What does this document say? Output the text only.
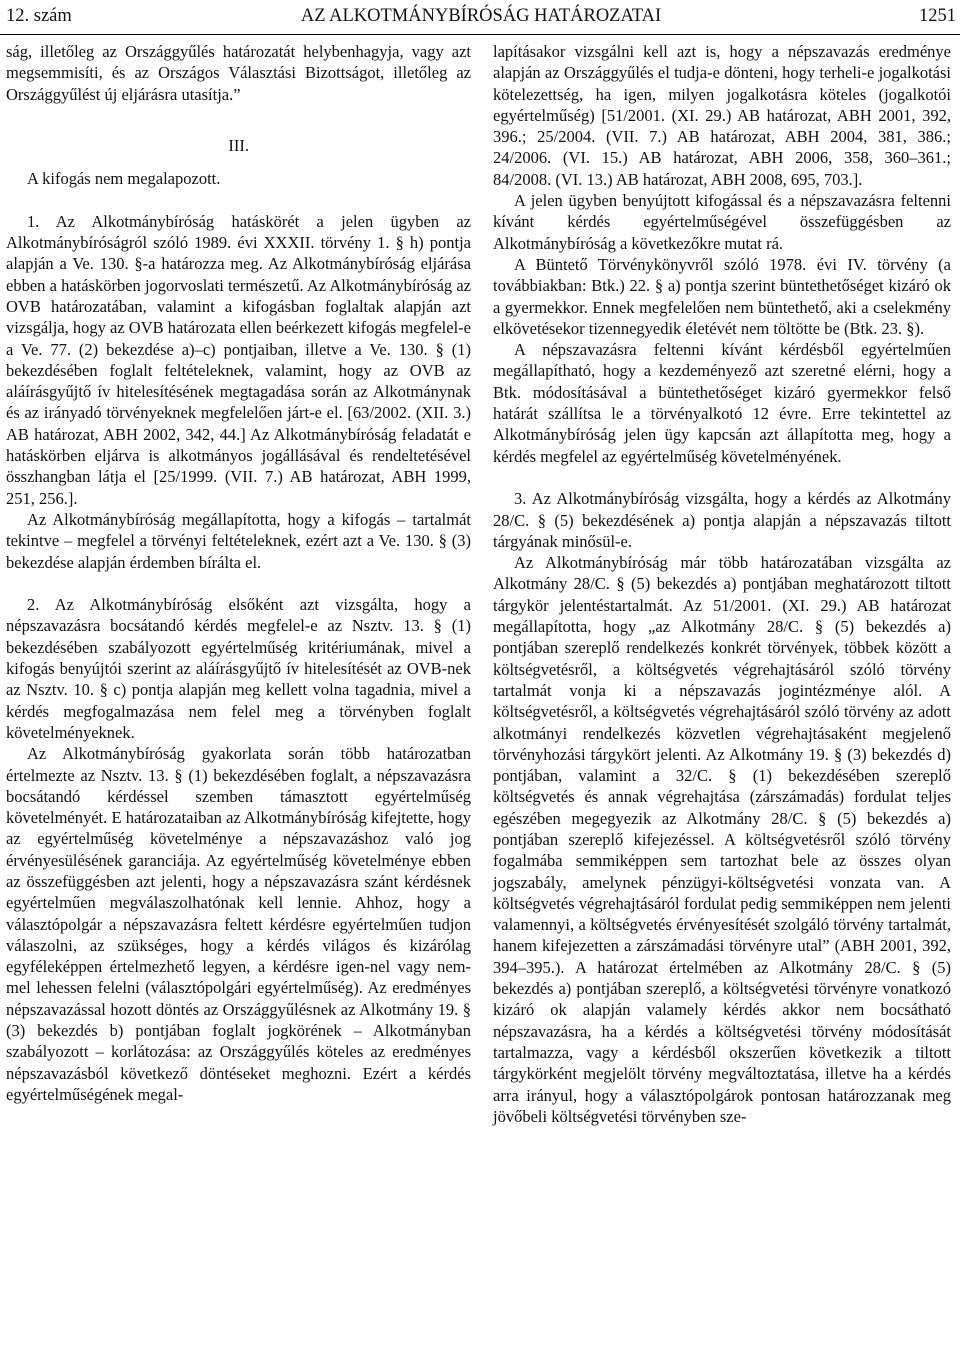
12. szám	AZ ALKOTMÁNYBÍRÓSÁG HATÁROZATAI	1251

ság, illetőleg az Országgyűlés határozatát helybenhagyja, vagy azt megsemmisíti, és az Országos Választási Bizottságot, illetőleg az Országgyűlést új eljárásra utasítja.”

III.

A kifogás nem megalapozott.

1. Az Alkotmánybíróság hatáskörét a jelen ügyben az Alkotmánybíróságról szóló 1989. évi XXXII. törvény 1. § h) pontja alapján a Ve. 130. §-a határozza meg. Az Alkotmánybíróság eljárása ebben a hatáskörben jogorvoslati természetű. Az Alkotmánybíróság az OVB határozatában, valamint a kifogásban foglaltak alapján azt vizsgálja, hogy az OVB határozata ellen beérkezett kifogás megfelel-e a Ve. 77. (2) bekezdése a)–c) pontjaiban, illetve a Ve. 130. § (1) bekezdésében foglalt feltételeknek, valamint, hogy az OVB az aláírásgyűjtő ív hitelesítésének megtagadása során az Alkotmánynak és az irányadó törvényeknek megfelelően járt-e el. [63/2002. (XII. 3.) AB határozat, ABH 2002, 342, 44.] Az Alkotmánybíróság feladatát e hatáskörben eljárva is alkotmányos jogállásával és rendeltetésével összhangban látja el [25/1999. (VII. 7.) AB határozat, ABH 1999, 251, 256.].

Az Alkotmánybíróság megállapította, hogy a kifogás – tartalmát tekintve – megfelel a törvényi feltételeknek, ezért azt a Ve. 130. § (3) bekezdése alapján érdemben bírálta el.

2. Az Alkotmánybíróság elsőként azt vizsgálta, hogy a népszavazásra bocsátandó kérdés megfelel-e az Nsztv. 13. § (1) bekezdésében szabályozott egyértelműség kritériumának, mivel a kifogás benyújtói szerint az aláírásgyűjtő ív hitelesítését az OVB-nek az Nsztv. 10. § c) pontja alapján meg kellett volna tagadnia, mivel a kérdés megfogalmazása nem felel meg a törvényben foglalt követelményeknek.

Az Alkotmánybíróság gyakorlata során több határozatban értelmezte az Nsztv. 13. § (1) bekezdésében foglalt, a népszavazásra bocsátandó kérdéssel szemben támasztott egyértelműség követelményét. E határozataiban az Alkotmánybíróság kifejtette, hogy az egyértelműség követelménye a népszavazáshoz való jog érvényesülésének garanciája. Az egyértelműség követelménye ebben az összefüggésben azt jelenti, hogy a népszavazásra szánt kérdésnek egyértelműen megválaszolhatónak kell lennie. Ahhoz, hogy a választópolgár a népszavazásra feltett kérdésre egyértelműen tudjon válaszolni, az szükséges, hogy a kérdés világos és kizárólag egyféleképpen értelmezhető legyen, a kérdésre igen-nel vagy nem-mel lehessen felelni (választópolgári egyértelműség). Az eredményes népszavazással hozott döntés az Országgyűlésnek az Alkotmány 19. § (3) bekezdés b) pontjában foglalt jogkörének – Alkotmányban szabályozott – korlátozása: az Országgyűlés köteles az eredményes népszavazásból következő döntéseket meghozni. Ezért a kérdés egyértelműségének megal-

lapításakor vizsgálni kell azt is, hogy a népszavazás eredménye alapján az Országgyűlés el tudja-e dönteni, hogy terheli-e jogalkotási kötelezettség, ha igen, milyen jogalkotásra köteles (jogalkotói egyértelműség) [51/2001. (XI. 29.) AB határozat, ABH 2001, 392, 396.; 25/2004. (VII. 7.) AB határozat, ABH 2004, 381, 386.; 24/2006. (VI. 15.) AB határozat, ABH 2006, 358, 360–361.; 84/2008. (VI. 13.) AB határozat, ABH 2008, 695, 703.].

A jelen ügyben benyújtott kifogással és a népszavazásra feltenni kívánt kérdés egyértelműségével összefüggésben az Alkotmánybíróság a következőkre mutat rá.

A Büntető Törvénykönyvről szóló 1978. évi IV. törvény (a továbbiakban: Btk.) 22. § a) pontja szerint büntethetőséget kizáró ok a gyermekkor. Ennek megfelelően nem büntethető, aki a cselekmény elkövetésekor tizennegyedik életévét nem töltötte be (Btk. 23. §).

A népszavazásra feltenni kívánt kérdésből egyértelműen megállapítható, hogy a kezdeményező azt szeretné elérni, hogy a Btk. módosításával a büntethetőséget kizáró gyermekkor felső határát szállítsa le a törvényalkotó 12 évre. Erre tekintettel az Alkotmánybíróság jelen ügy kapcsán azt állapította meg, hogy a kérdés megfelel az egyértelműség követelményének.

3. Az Alkotmánybíróság vizsgálta, hogy a kérdés az Alkotmány 28/C. § (5) bekezdésének a) pontja alapján a népszavazás tiltott tárgyának minősül-e.

Az Alkotmánybíróság már több határozatában vizsgálta az Alkotmány 28/C. § (5) bekezdés a) pontjában meghatározott tiltott tárgykör jelentéstartalmát. Az 51/2001. (XI. 29.) AB határozat megállapította, hogy „az Alkotmány 28/C. § (5) bekezdés a) pontjában szereplő rendelkezés konkrét törvények, többek között a költségvetésről, a költségvetés végrehajtásáról szóló törvény tartalmát vonja ki a népszavazás jogintézménye alól. A költségvetésről, a költségvetés végrehajtásáról szóló törvény az adott alkotmányi rendelkezés közvetlen végrehajtásaként megjelenő törvényhozási tárgykört jelenti. Az Alkotmány 19. § (3) bekezdés d) pontjában, valamint a 32/C. § (1) bekezdésében szereplő költségvetés és annak végrehajtása (zárszámadás) fordulat teljes egészében megegyezik az Alkotmány 28/C. § (5) bekezdés a) pontjában szereplő kifejezéssel. A költségvetésről szóló törvény fogalmába semmiképpen sem tartozhat bele az összes olyan jogszabály, amelynek pénzügyi-költségvetési vonzata van. A költségvetés végrehajtásáról fordulat pedig semmiképpen nem jelenti valamennyi, a költségvetés érvényesítését szolgáló törvény tartalmát, hanem kifejezetten a zárszámadási törvényre utal” (ABH 2001, 392, 394–395.). A határozat értelmében az Alkotmány 28/C. § (5) bekezdés a) pontjában szereplő, a költségvetési törvényre vonatkozó kizáró ok alapján valamely kérdés akkor nem bocsátható népszavazásra, ha a kérdés a költségvetési törvény módosítását tartalmazza, vagy a kérdésből okszerűen következik a tiltott tárgykörként megjelölt törvény megváltoztatása, illetve ha a kérdés arra irányul, hogy a választópolgárok pontosan határozzanak meg jövőbeli költségvetési törvényben sze-
